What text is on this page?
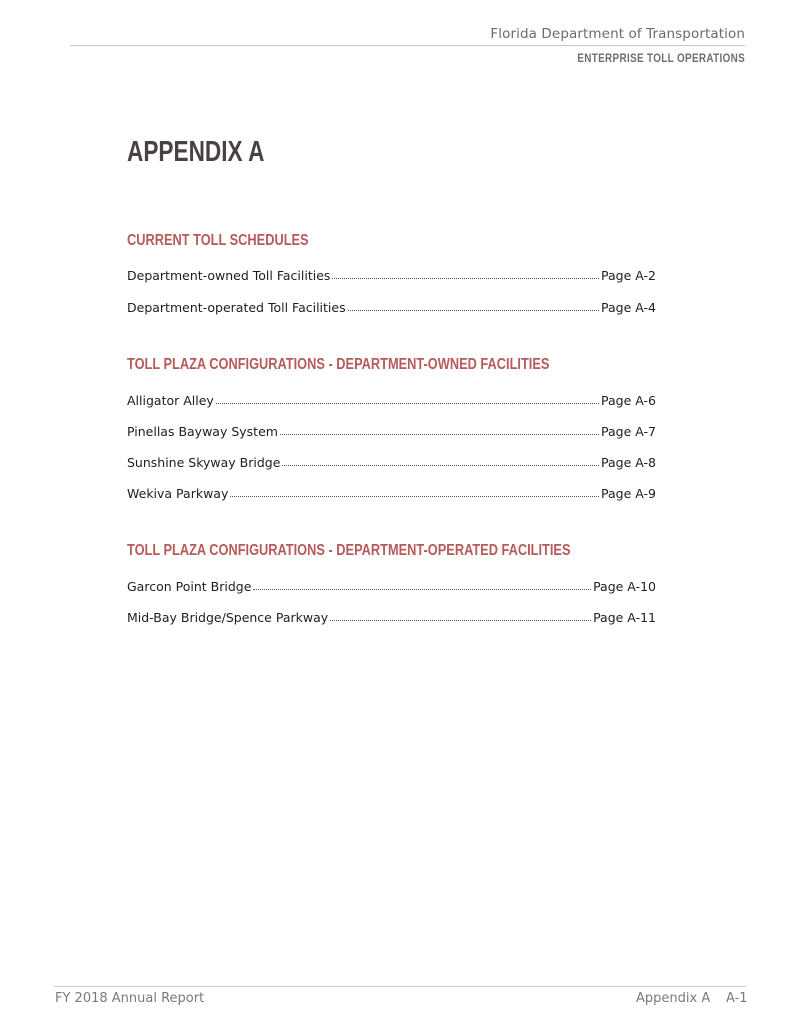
Florida Department of Transportation
ENTERPRISE TOLL OPERATIONS
APPENDIX A
CURRENT TOLL SCHEDULES
Department-owned Toll Facilities	Page A-2
Department-operated Toll Facilities	Page A-4
TOLL PLAZA CONFIGURATIONS - DEPARTMENT-OWNED FACILITIES
Alligator Alley	Page A-6
Pinellas Bayway System	Page A-7
Sunshine Skyway Bridge	Page A-8
Wekiva Parkway	Page A-9
TOLL PLAZA CONFIGURATIONS - DEPARTMENT-OPERATED FACILITIES
Garcon Point Bridge	Page A-10
Mid-Bay Bridge/Spence Parkway	Page A-11
FY 2018 Annual Report	Appendix A A-1
